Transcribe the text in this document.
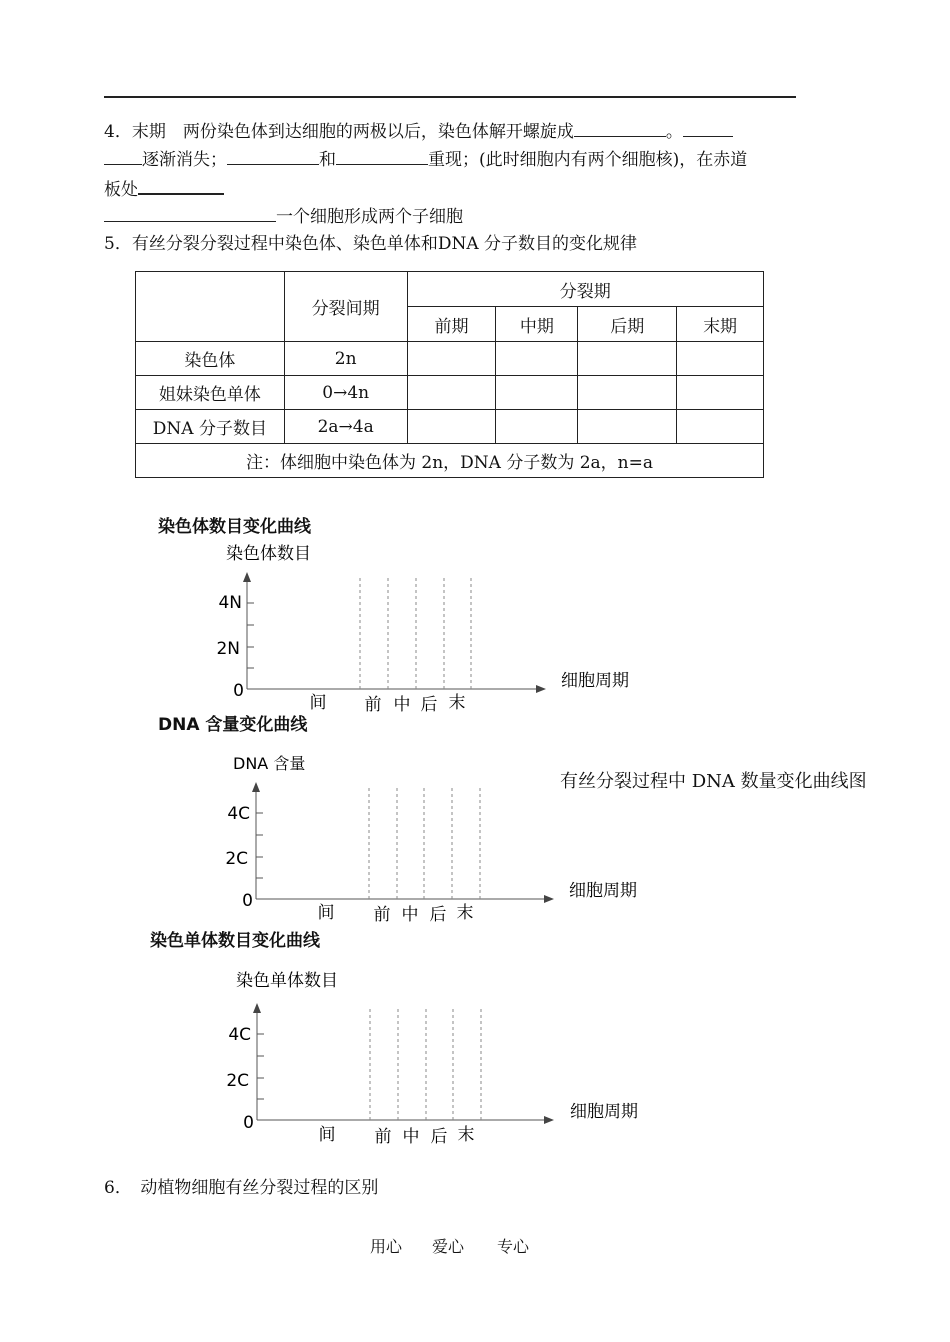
4．末期　两份染色体到达细胞的两极以后，染色体解开螺旋成	。
逐渐消失；	和	重现；(此时细胞内有两个细胞核)，在赤道
板处
一个细胞形成两个子细胞
5．有丝分裂分裂过程中染色体、染色单体和DNA 分子数目的变化规律
	分裂间期	分裂期			
		前期	中期	后期	末期
染色体	2n				
姐妹染色单体	0→4n				
DNA 分子数目	2a→4a				
注：体细胞中染色体为 2n，DNA 分子数为 2a，n=a					
染色体数目变化曲线
DNA 含量变化曲线
染色单体数目变化曲线
有丝分裂过程中 DNA 数量变化曲线图
染色体数目
4N
2N
0	细胞周期
间 前 中 后 末
DNA 含量
4C
2C
0	细胞周期
间 前 中 后 末
染色单体数目
4C
2C
0
细胞周期
间 前 中 后 末
6．　动植物细胞有丝分裂过程的区别
用心 爱心 专心
